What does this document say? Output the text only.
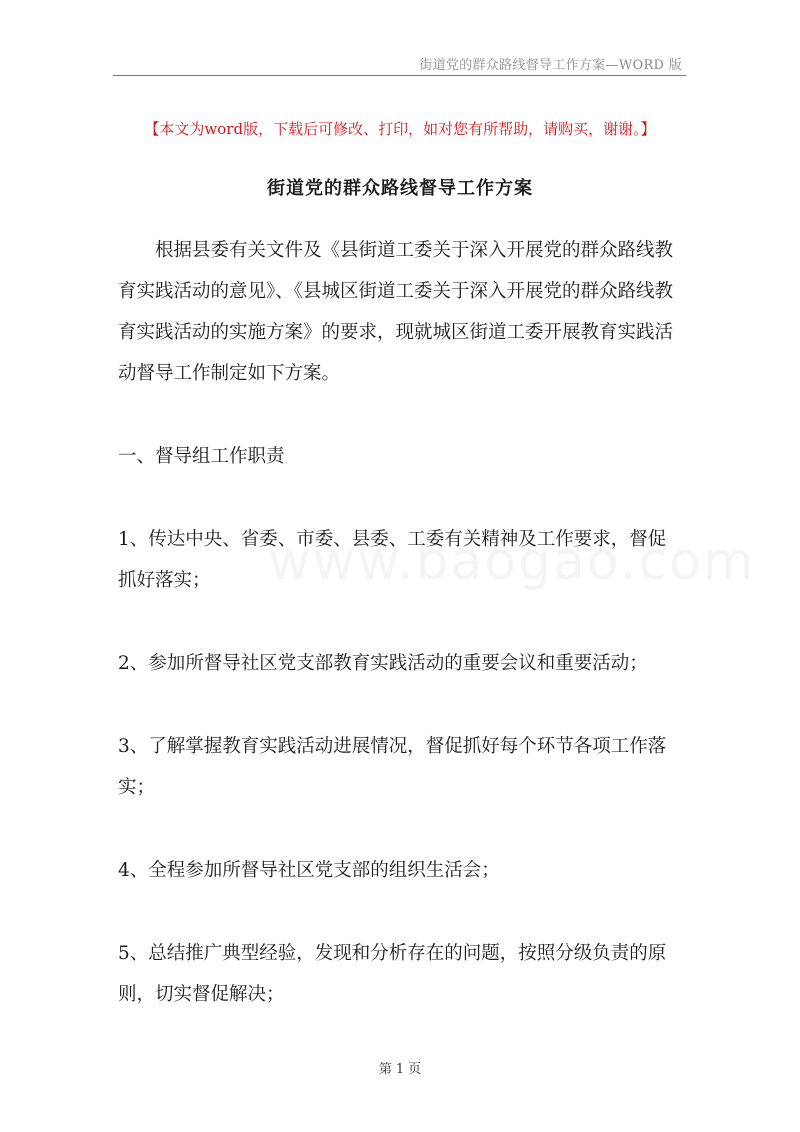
街道党的群众路线督导工作方案—WORD 版
【本文为word版，下载后可修改、打印，如对您有所帮助，请购买，谢谢。】
街道党的群众路线督导工作方案

根据县委有关文件及《县街道工委关于深入开展党的群众路线教育实践活动的意见》、《县城区街道工委关于深入开展党的群众路线教育实践活动的实施方案》的要求，现就城区街道工委开展教育实践活动督导工作制定如下方案。

一、督导组工作职责

1、传达中央、省委、市委、县委、工委有关精神及工作要求，督促抓好落实；

2、参加所督导社区党支部教育实践活动的重要会议和重要活动；

3、了解掌握教育实践活动进展情况，督促抓好每个环节各项工作落实；

4、全程参加所督导社区党支部的组织生活会；

5、总结推广典型经验，发现和分析存在的问题，按照分级负责的原则，切实督促解决；

第 1 页
